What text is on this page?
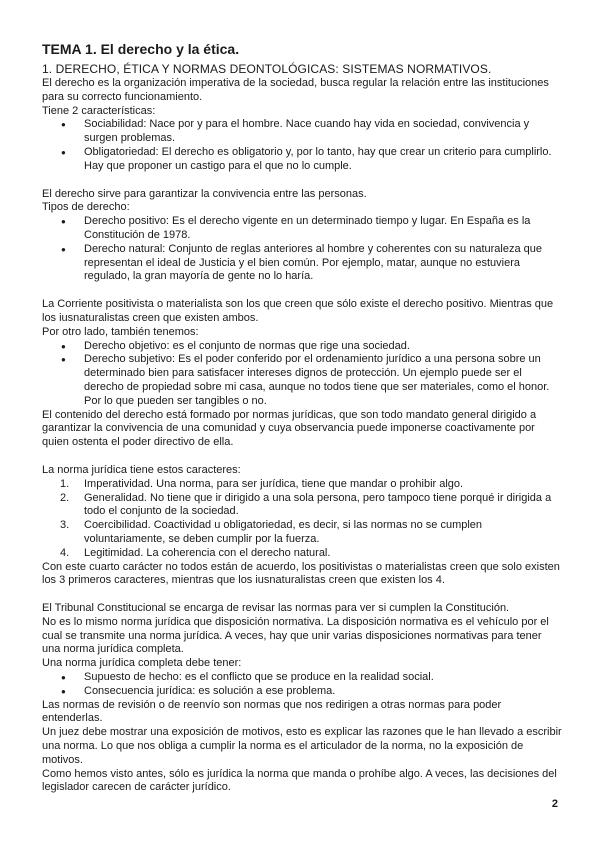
TEMA 1. El derecho y la ética.
1. DERECHO, ÉTICA Y NORMAS DEONTOLÓGICAS: SISTEMAS NORMATIVOS.

El derecho es la organización imperativa de la sociedad, busca regular la relación entre las instituciones para su correcto funcionamiento.

Tiene 2 características:

● Sociabilidad: Nace por y para el hombre. Nace cuando hay vida en sociedad, convivencia y surgen problemas.
● Obligatoriedad: El derecho es obligatorio y, por lo tanto, hay que crear un criterio para cumplirlo. Hay que proponer un castigo para el que no lo cumple.

El derecho sirve para garantizar la convivencia entre las personas.

Tipos de derecho:

● Derecho positivo: Es el derecho vigente en un determinado tiempo y lugar. En España es la Constitución de 1978.
● Derecho natural: Conjunto de reglas anteriores al hombre y coherentes con su naturaleza que representan el ideal de Justicia y el bien común. Por ejemplo, matar, aunque no estuviera regulado, la gran mayoría de gente no lo haría.

La Corriente positivista o materialista son los que creen que sólo existe el derecho positivo. Mientras que los iusnaturalistas creen que existen ambos.

Por otro lado, también tenemos:

● Derecho objetivo: es el conjunto de normas que rige una sociedad.
● Derecho subjetivo: Es el poder conferido por el ordenamiento jurídico a una persona sobre un determinado bien para satisfacer intereses dignos de protección. Un ejemplo puede ser el derecho de propiedad sobre mi casa, aunque no todos tiene que ser materiales, como el honor. Por lo que pueden ser tangibles o no.

El contenido del derecho está formado por normas jurídicas, que son todo mandato general dirigido a garantizar la convivencia de una comunidad y cuya observancia puede imponerse coactivamente por quien ostenta el poder directivo de ella.

La norma jurídica tiene estos caracteres:

1. Imperatividad. Una norma, para ser jurídica, tiene que mandar o prohibir algo.
2. Generalidad. No tiene que ir dirigido a una sola persona, pero tampoco tiene porqué ir dirigida a todo el conjunto de la sociedad.
3. Coercibilidad. Coactividad u obligatoriedad, es decir, si las normas no se cumplen voluntariamente, se deben cumplir por la fuerza.
4. Legitimidad. La coherencia con el derecho natural.

Con este cuarto carácter no todos están de acuerdo, los positivistas o materialistas creen que solo existen los 3 primeros caracteres, mientras que los iusnaturalistas creen que existen los 4.

El Tribunal Constitucional se encarga de revisar las normas para ver si cumplen la Constitución.

No es lo mismo norma jurídica que disposición normativa. La disposición normativa es el vehículo por el cual se transmite una norma jurídica. A veces, hay que unir varias disposiciones normativas para tener una norma jurídica completa.

Una norma jurídica completa debe tener:

● Supuesto de hecho: es el conflicto que se produce en la realidad social.
● Consecuencia jurídica: es solución a ese problema.

Las normas de revisión o de reenvío son normas que nos redirigen a otras normas para poder entenderlas.

Un juez debe mostrar una exposición de motivos, esto es explicar las razones que le han llevado a escribir una norma. Lo que nos obliga a cumplir la norma es el articulador de la norma, no la exposición de motivos.

Como hemos visto antes, sólo es jurídica la norma que manda o prohíbe algo. A veces, las decisiones del legislador carecen de carácter jurídico.

2
